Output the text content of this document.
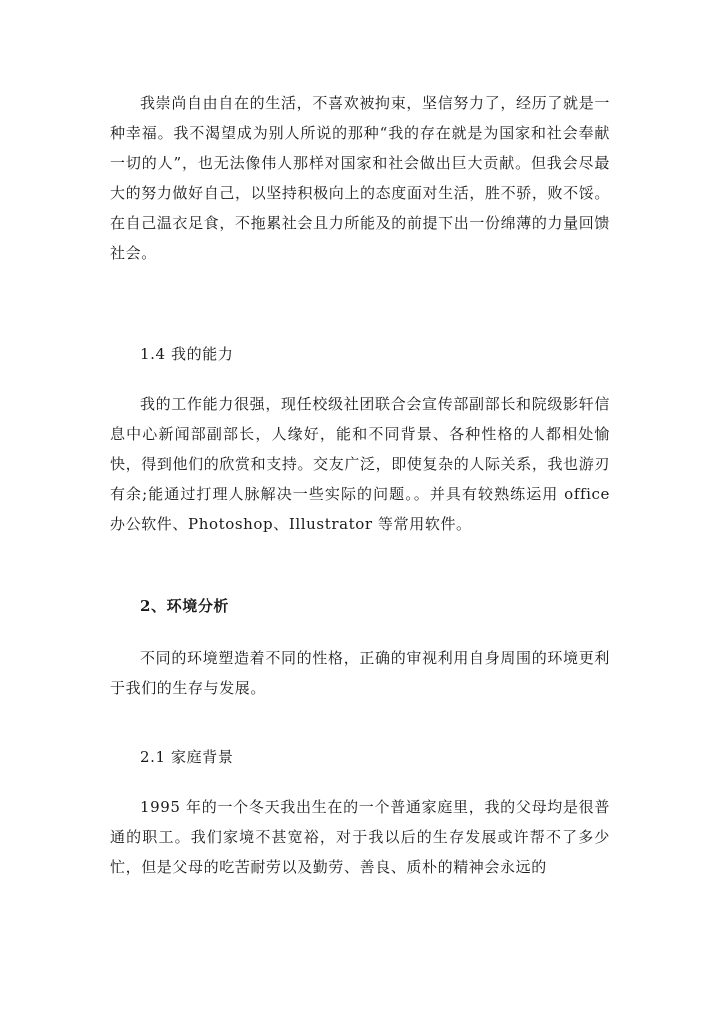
我崇尚自由自在的生活，不喜欢被拘束，坚信努力了，经历了就是一种幸福。我不渴望成为别人所说的那种“我的存在就是为国家和社会奉献一切的人”，也无法像伟人那样对国家和社会做出巨大贡献。但我会尽最大的努力做好自己，以坚持积极向上的态度面对生活，胜不骄，败不馁。在自己温衣足食，不拖累社会且力所能及的前提下出一份绵薄的力量回馈社会。

1.4 我的能力

我的工作能力很强，现任校级社团联合会宣传部副部长和院级影轩信息中心新闻部副部长，人缘好，能和不同背景、各种性格的人都相处愉快，得到他们的欣赏和支持。交友广泛，即使复杂的人际关系，我也游刃有余;能通过打理人脉解决一些实际的问题。。并具有较熟练运用 office 办公软件、Photoshop、Illustrator 等常用软件。

2、环境分析

不同的环境塑造着不同的性格，正确的审视利用自身周围的环境更利于我们的生存与发展。

2.1 家庭背景

1995 年的一个冬天我出生在的一个普通家庭里，我的父母均是很普通的职工。我们家境不甚宽裕，对于我以后的生存发展或许帮不了多少忙，但是父母的吃苦耐劳以及勤劳、善良、质朴的精神会永远的
